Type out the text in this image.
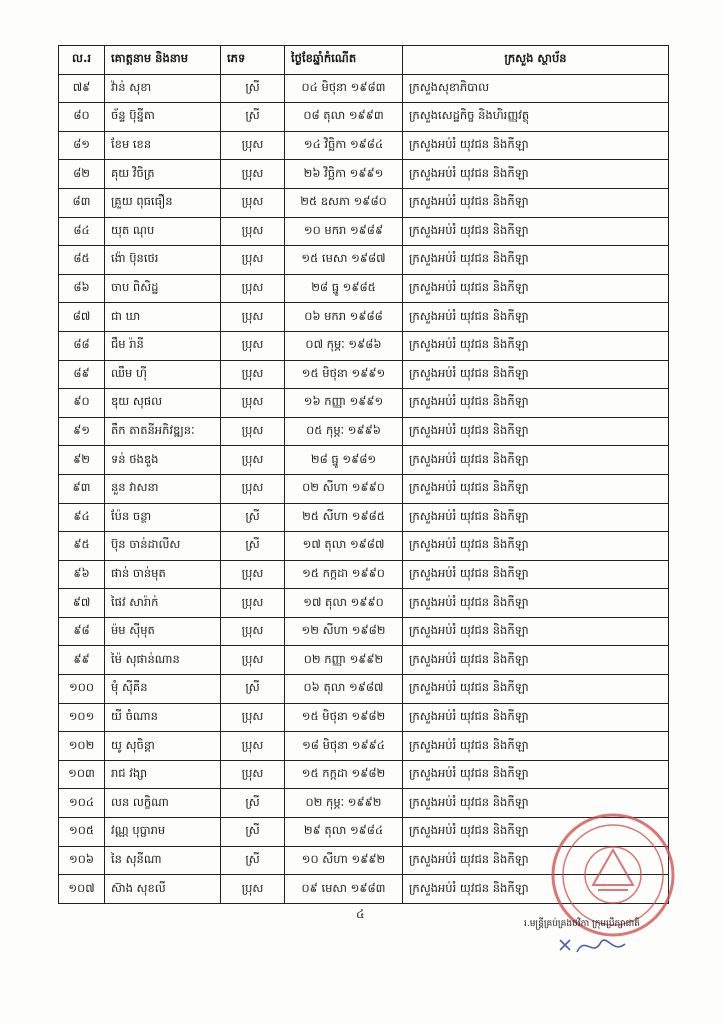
ល.រ	គោត្តនាម និងនាម	ភេទ	ថ្ងៃខែឆ្នាំកំណើត	ក្រសួង ស្ថាប័ន
៧៩	វ៉ាន់ សុខា	ស្រី	០៤ មិថុនា ១៩៨៣	ក្រសួងសុខាភិបាល
៨០	ច័ន្ទ ប៊ុន្នីតា	ស្រី	០៨ តុលា ១៩៩៣	ក្រសួងសេដ្ឋកិច្ច និងហិរញ្ញវត្ថុ
៨១	ខែម ខេន	ប្រុស	១៤ វិច្ឆិកា ១៩៨៤	ក្រសួងអប់រំ យុវជន និងកីឡា
៨២	គុយ វិចិត្រ	ប្រុស	២៦ វិច្ឆិកា ១៩៩១	ក្រសួងអប់រំ យុវជន និងកីឡា
៨៣	គ្រួយ ពុធធឿន	ប្រុស	២៥ ឧសភា ១៩៨០	ក្រសួងអប់រំ យុវជន និងកីឡា
៨៤	យុត ណុប	ប្រុស	១០ មករា ១៩៨៩	ក្រសួងអប់រំ យុវជន និងកីឡា
៨៥	ង៉ោ ប៊ុនថេរ	ប្រុស	១៥ មេសា ១៩៨៧	ក្រសួងអប់រំ យុវជន និងកីឡា
៨៦	ចាប ពិសិដ្ឋ	ប្រុស	២៨ ធ្នូ ១៩៨៥	ក្រសួងអប់រំ យុវជន និងកីឡា
៨៧	ជា ឃា	ប្រុស	០៦ មករា ១៩៨៨	ក្រសួងអប់រំ យុវជន និងកីឡា
៨៨	ជឹម រ៉ានី	ប្រុស	០៧ កុម្ភៈ ១៩៨៦	ក្រសួងអប់រំ យុវជន និងកីឡា
៨៩	ឈឹម ហ៊ី	ប្រុស	១៥ មិថុនា ១៩៩១	ក្រសួងអប់រំ យុវជន និងកីឡា
៩០	ឌុយ សុផល	ប្រុស	១៦ កញ្ញា ១៩៩១	ក្រសួងអប់រំ យុវជន និងកីឡា
៩១	តឹក តាតនីអភិវឌ្ឍនៈ	ប្រុស	០៥ កុម្ភៈ ១៩៩៦	ក្រសួងអប់រំ យុវជន និងកីឡា
៩២	ទន់ ថងឌួង	ប្រុស	២៨ ធ្នូ ១៩៨១	ក្រសួងអប់រំ យុវជន និងកីឡា
៩៣	នួន វាសនា	ប្រុស	០២ សីហា ១៩៩០	ក្រសួងអប់រំ យុវជន និងកីឡា
៩៤	ប៉ែន ចន្ថា	ស្រី	២៥ សីហា ១៩៨៥	ក្រសួងអប់រំ យុវជន និងកីឡា
៩៥	ប៊ុន ចាន់ដាលីស	ស្រី	១៧ តុលា ១៩៨៧	ក្រសួងអប់រំ យុវជន និងកីឡា
៩៦	ផាន់ ចាន់មុត	ប្រុស	១៥ កក្កដា ១៩៩០	ក្រសួងអប់រំ យុវជន និងកីឡា
៩៧	ផៃវ សារ៉ាក់	ប្រុស	១៧ តុលា ១៩៩០	ក្រសួងអប់រំ យុវជន និងកីឡា
៩៨	ម៉ម ស៊ីមុត	ប្រុស	១២ សីហា ១៩៨២	ក្រសួងអប់រំ យុវជន និងកីឡា
៩៩	ម៉ៃ សុផាន់ណាន	ប្រុស	០២ កញ្ញា ១៩៩២	ក្រសួងអប់រំ យុវជន និងកីឡា
១០០	មុំ ស៊ីគីន	ស្រី	០៦ តុលា ១៩៨៧	ក្រសួងអប់រំ យុវជន និងកីឡា
១០១	យី ចំណាន	ប្រុស	១៥ មិថុនា ១៩៨២	ក្រសួងអប់រំ យុវជន និងកីឡា
១០២	យូ សុចិន្តា	ប្រុស	១៨ មិថុនា ១៩៩៤	ក្រសួងអប់រំ យុវជន និងកីឡា
១០៣	រាជ វង្សា	ប្រុស	១៥ កក្កដា ១៩៨២	ក្រសួងអប់រំ យុវជន និងកីឡា
១០៤	លន លក្ខិណា	ស្រី	០២ កុម្ភៈ ១៩៩២	ក្រសួងអប់រំ យុវជន និងកីឡា
១០៥	វណ្ណ បុប្ផារាម	ស្រី	២៩ តុលា ១៩៨៤	ក្រសួងអប់រំ យុវជន និងកីឡា
១០៦	នៃ សុនីណា	ស្រី	១០ សីហា ១៩៩២	ក្រសួងអប់រំ យុវជន និងកីឡា
១០៧	ស៊ាង សុខលី	ប្រុស	០៩ មេសា ១៩៨៣	ក្រសួងអប់រំ យុវជន និងកីឡា
៤
រ.មន្ត្រីគ្រប់គ្រងថវិកា ក្រុមប្រឹក្សាជាតិ
